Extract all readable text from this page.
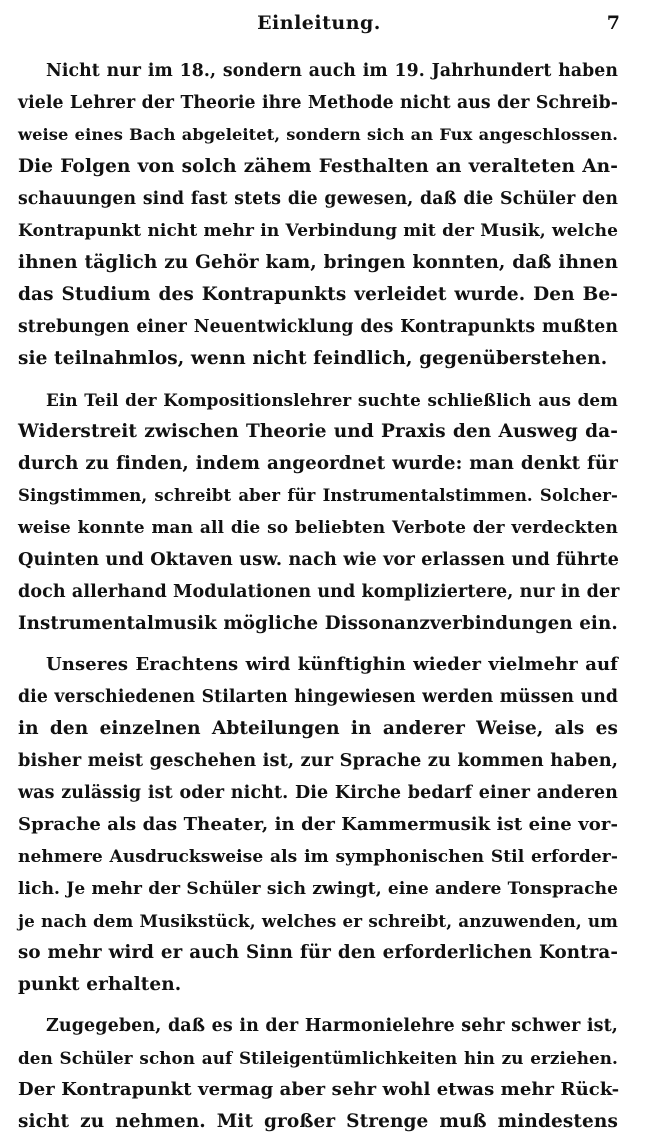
Einleitung.	7

Nicht nur im 18., sondern auch im 19. Jahrhundert haben
viele Lehrer der Theorie ihre Methode nicht aus der Schreib-
weise eines Bach abgeleitet, sondern sich an Fux angeschlossen.
Die Folgen von solch zähem Festhalten an veralteten An-
schauungen sind fast stets die gewesen, daß die Schüler den
Kontrapunkt nicht mehr in Verbindung mit der Musik, welche
ihnen täglich zu Gehör kam, bringen konnten, daß ihnen
das Studium des Kontrapunkts verleidet wurde. Den Be-
strebungen einer Neuentwicklung des Kontrapunkts mußten
sie teilnahmlos, wenn nicht feindlich, gegenüberstehen.

Ein Teil der Kompositionslehrer suchte schließlich aus dem
Widerstreit zwischen Theorie und Praxis den Ausweg da-
durch zu finden, indem angeordnet wurde: man denkt für
Singstimmen, schreibt aber für Instrumentalstimmen. Solcher-
weise konnte man all die so beliebten Verbote der verdeckten
Quinten und Oktaven usw. nach wie vor erlassen und führte
doch allerhand Modulationen und kompliziertere, nur in der
Instrumentalmusik mögliche Dissonanzverbindungen ein.

Unseres Erachtens wird künftighin wieder vielmehr auf
die verschiedenen Stilarten hingewiesen werden müssen und
in den einzelnen Abteilungen in anderer Weise, als es
bisher meist geschehen ist, zur Sprache zu kommen haben,
was zulässig ist oder nicht. Die Kirche bedarf einer anderen
Sprache als das Theater, in der Kammermusik ist eine vor-
nehmere Ausdrucksweise als im symphonischen Stil erforder-
lich. Je mehr der Schüler sich zwingt, eine andere Tonsprache
je nach dem Musikstück, welches er schreibt, anzuwenden, um
so mehr wird er auch Sinn für den erforderlichen Kontra-
punkt erhalten.

Zugegeben, daß es in der Harmonielehre sehr schwer ist,
den Schüler schon auf Stileigentümlichkeiten hin zu erziehen.
Der Kontrapunkt vermag aber sehr wohl etwas mehr Rück-
sicht zu nehmen. Mit großer Strenge muß mindestens
